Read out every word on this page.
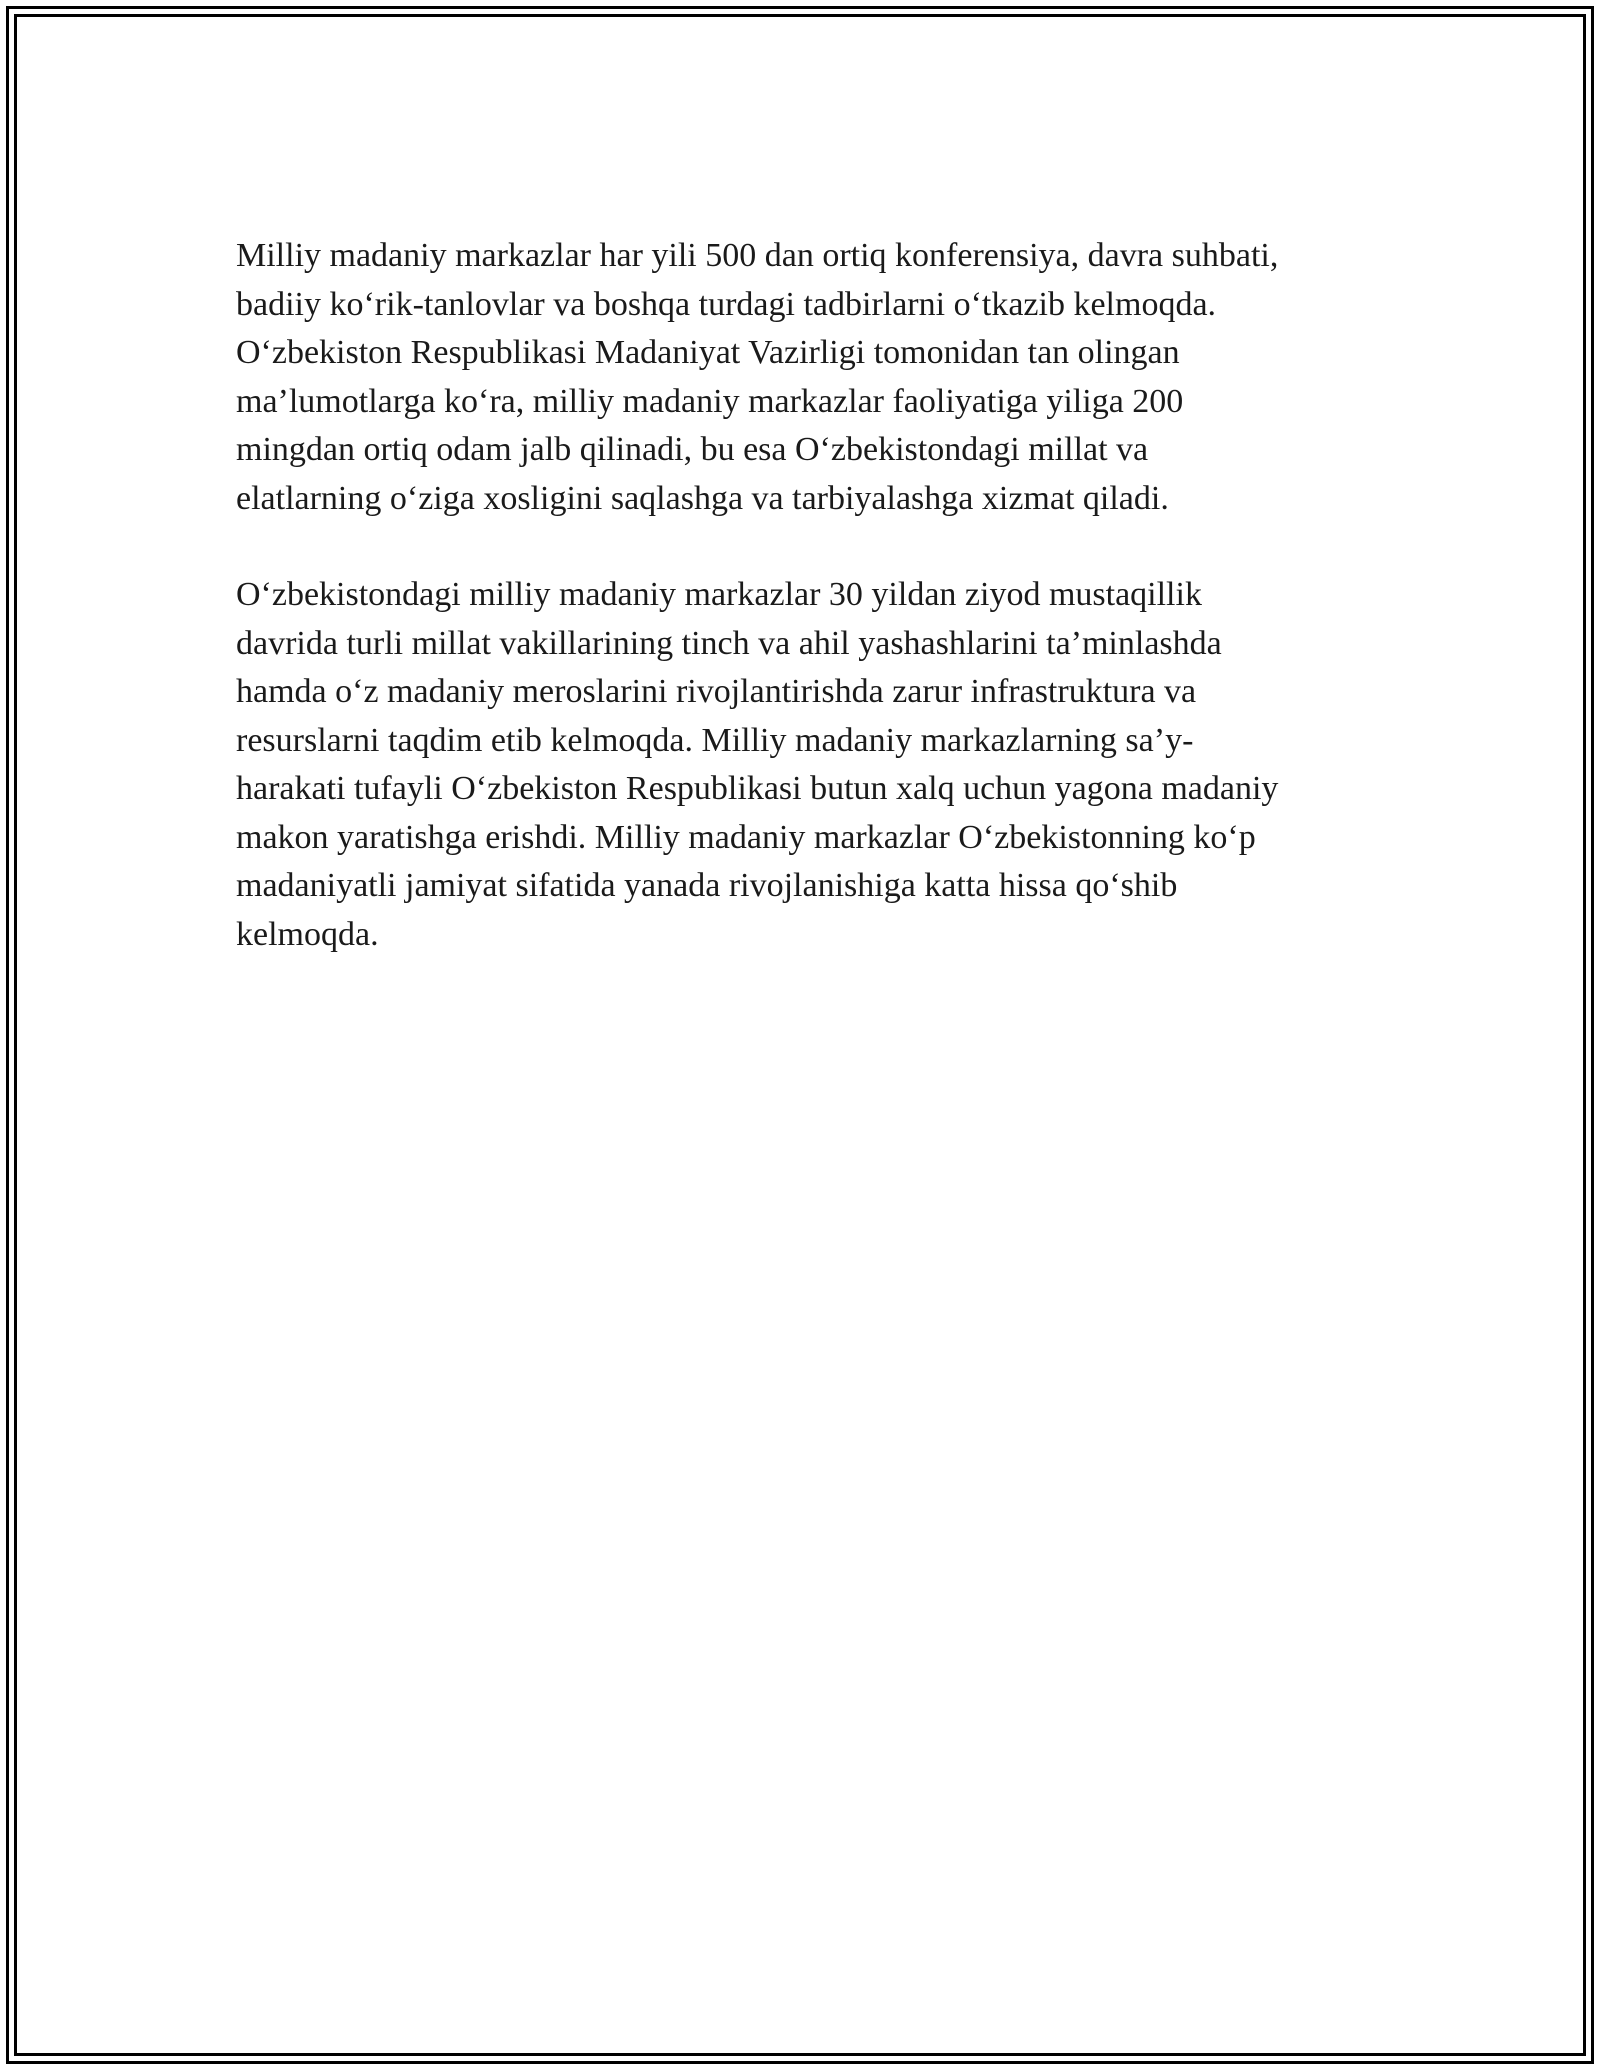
Milliy madaniy markazlar har yili 500 dan ortiq konferensiya, davra suhbati,
badiiy ko‘rik-tanlovlar va boshqa turdagi tadbirlarni o‘tkazib kelmoqda.
O‘zbekiston Respublikasi Madaniyat Vazirligi tomonidan tan olingan
ma’lumotlarga ko‘ra, milliy madaniy markazlar faoliyatiga yiliga 200
mingdan ortiq odam jalb qilinadi, bu esa O‘zbekistondagi millat va
elatlarning o‘ziga xosligini saqlashga va tarbiyalashga xizmat qiladi.

O‘zbekistondagi milliy madaniy markazlar 30 yildan ziyod mustaqillik
davrida turli millat vakillarining tinch va ahil yashashlarini ta’minlashda
hamda o‘z madaniy meroslarini rivojlantirishda zarur infrastruktura va
resurslarni taqdim etib kelmoqda. Milliy madaniy markazlarning sa’y-
harakati tufayli O‘zbekiston Respublikasi butun xalq uchun yagona madaniy
makon yaratishga erishdi. Milliy madaniy markazlar O‘zbekistonning ko‘p
madaniyatli jamiyat sifatida yanada rivojlanishiga katta hissa qo‘shib
kelmoqda.
